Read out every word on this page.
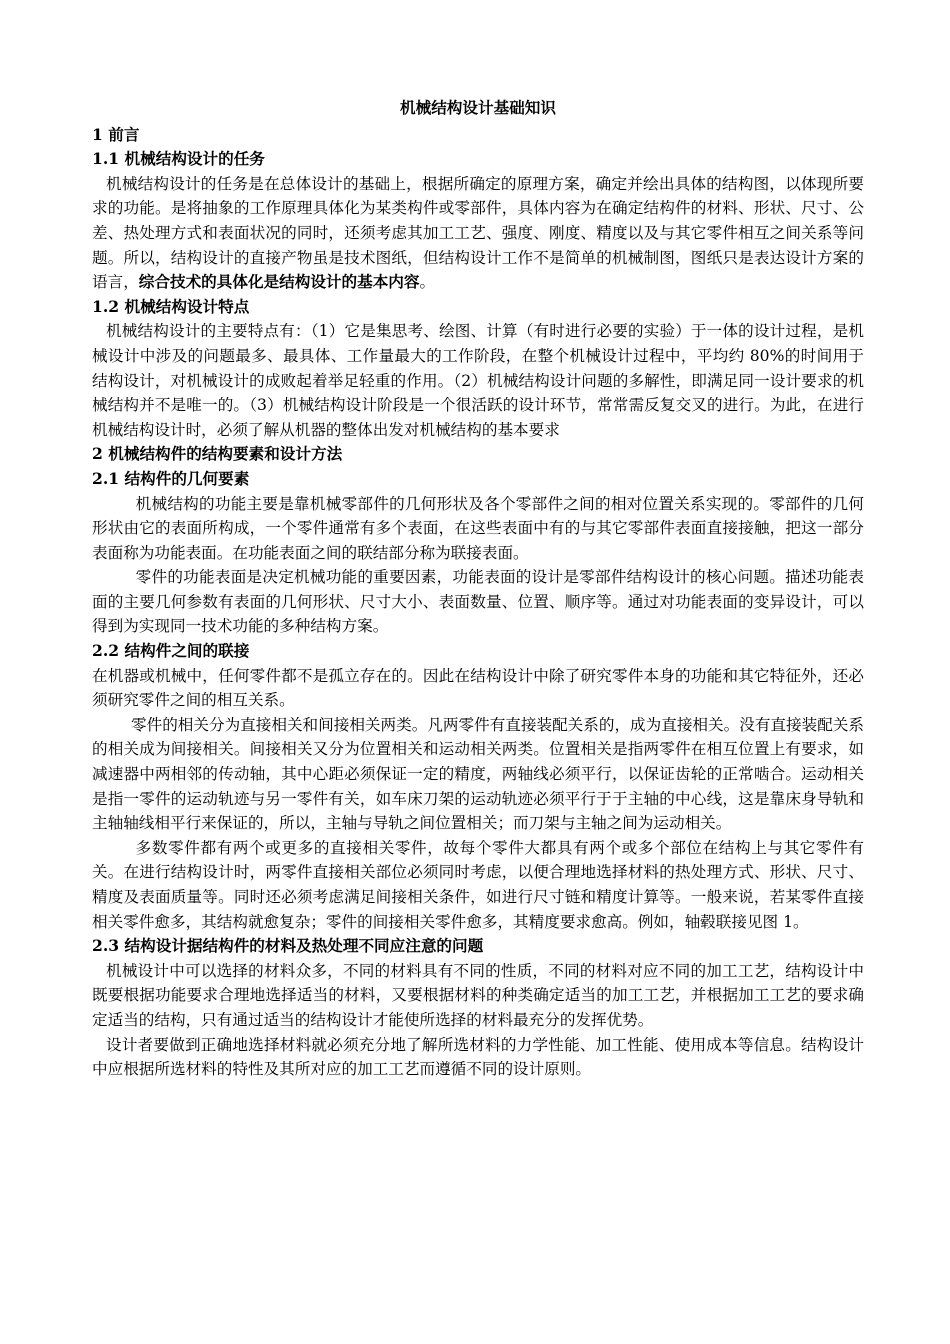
机械结构设计基础知识
1 前言
1.1 机械结构设计的任务
机械结构设计的任务是在总体设计的基础上，根据所确定的原理方案，确定并绘出具体的结构图，以体现所要求的功能。是将抽象的工作原理具体化为某类构件或零部件，具体内容为在确定结构件的材料、形状、尺寸、公差、热处理方式和表面状况的同时，还须考虑其加工工艺、强度、刚度、精度以及与其它零件相互之间关系等问题。所以，结构设计的直接产物虽是技术图纸，但结构设计工作不是简单的机械制图，图纸只是表达设计方案的语言，综合技术的具体化是结构设计的基本内容。
1.2 机械结构设计特点
机械结构设计的主要特点有：（1）它是集思考、绘图、计算（有时进行必要的实验）于一体的设计过程，是机械设计中涉及的问题最多、最具体、工作量最大的工作阶段，在整个机械设计过程中，平均约 80%的时间用于结构设计，对机械设计的成败起着举足轻重的作用。（2）机械结构设计问题的多解性，即满足同一设计要求的机械结构并不是唯一的。（3）机械结构设计阶段是一个很活跃的设计环节，常常需反复交叉的进行。为此，在进行机械结构设计时，必须了解从机器的整体出发对机械结构的基本要求
2 机械结构件的结构要素和设计方法
2.1 结构件的几何要素
机械结构的功能主要是靠机械零部件的几何形状及各个零部件之间的相对位置关系实现的。零部件的几何形状由它的表面所构成，一个零件通常有多个表面，在这些表面中有的与其它零部件表面直接接触，把这一部分表面称为功能表面。在功能表面之间的联结部分称为联接表面。
零件的功能表面是决定机械功能的重要因素，功能表面的设计是零部件结构设计的核心问题。描述功能表面的主要几何参数有表面的几何形状、尺寸大小、表面数量、位置、顺序等。通过对功能表面的变异设计，可以得到为实现同一技术功能的多种结构方案。
2.2 结构件之间的联接
在机器或机械中，任何零件都不是孤立存在的。因此在结构设计中除了研究零件本身的功能和其它特征外，还必须研究零件之间的相互关系。
零件的相关分为直接相关和间接相关两类。凡两零件有直接装配关系的，成为直接相关。没有直接装配关系的相关成为间接相关。间接相关又分为位置相关和运动相关两类。位置相关是指两零件在相互位置上有要求，如减速器中两相邻的传动轴，其中心距必须保证一定的精度，两轴线必须平行，以保证齿轮的正常啮合。运动相关是指一零件的运动轨迹与另一零件有关，如车床刀架的运动轨迹必须平行于于主轴的中心线，这是靠床身导轨和主轴轴线相平行来保证的，所以，主轴与导轨之间位置相关；而刀架与主轴之间为运动相关。
多数零件都有两个或更多的直接相关零件，故每个零件大都具有两个或多个部位在结构上与其它零件有关。在进行结构设计时，两零件直接相关部位必须同时考虑，以便合理地选择材料的热处理方式、形状、尺寸、精度及表面质量等。同时还必须考虑满足间接相关条件，如进行尺寸链和精度计算等。一般来说，若某零件直接相关零件愈多，其结构就愈复杂；零件的间接相关零件愈多，其精度要求愈高。例如，轴毂联接见图 1。
2.3 结构设计据结构件的材料及热处理不同应注意的问题
机械设计中可以选择的材料众多，不同的材料具有不同的性质，不同的材料对应不同的加工工艺，结构设计中既要根据功能要求合理地选择适当的材料，又要根据材料的种类确定适当的加工工艺，并根据加工工艺的要求确定适当的结构，只有通过适当的结构设计才能使所选择的材料最充分的发挥优势。
设计者要做到正确地选择材料就必须充分地了解所选材料的力学性能、加工性能、使用成本等信息。结构设计中应根据所选材料的特性及其所对应的加工工艺而遵循不同的设计原则。
